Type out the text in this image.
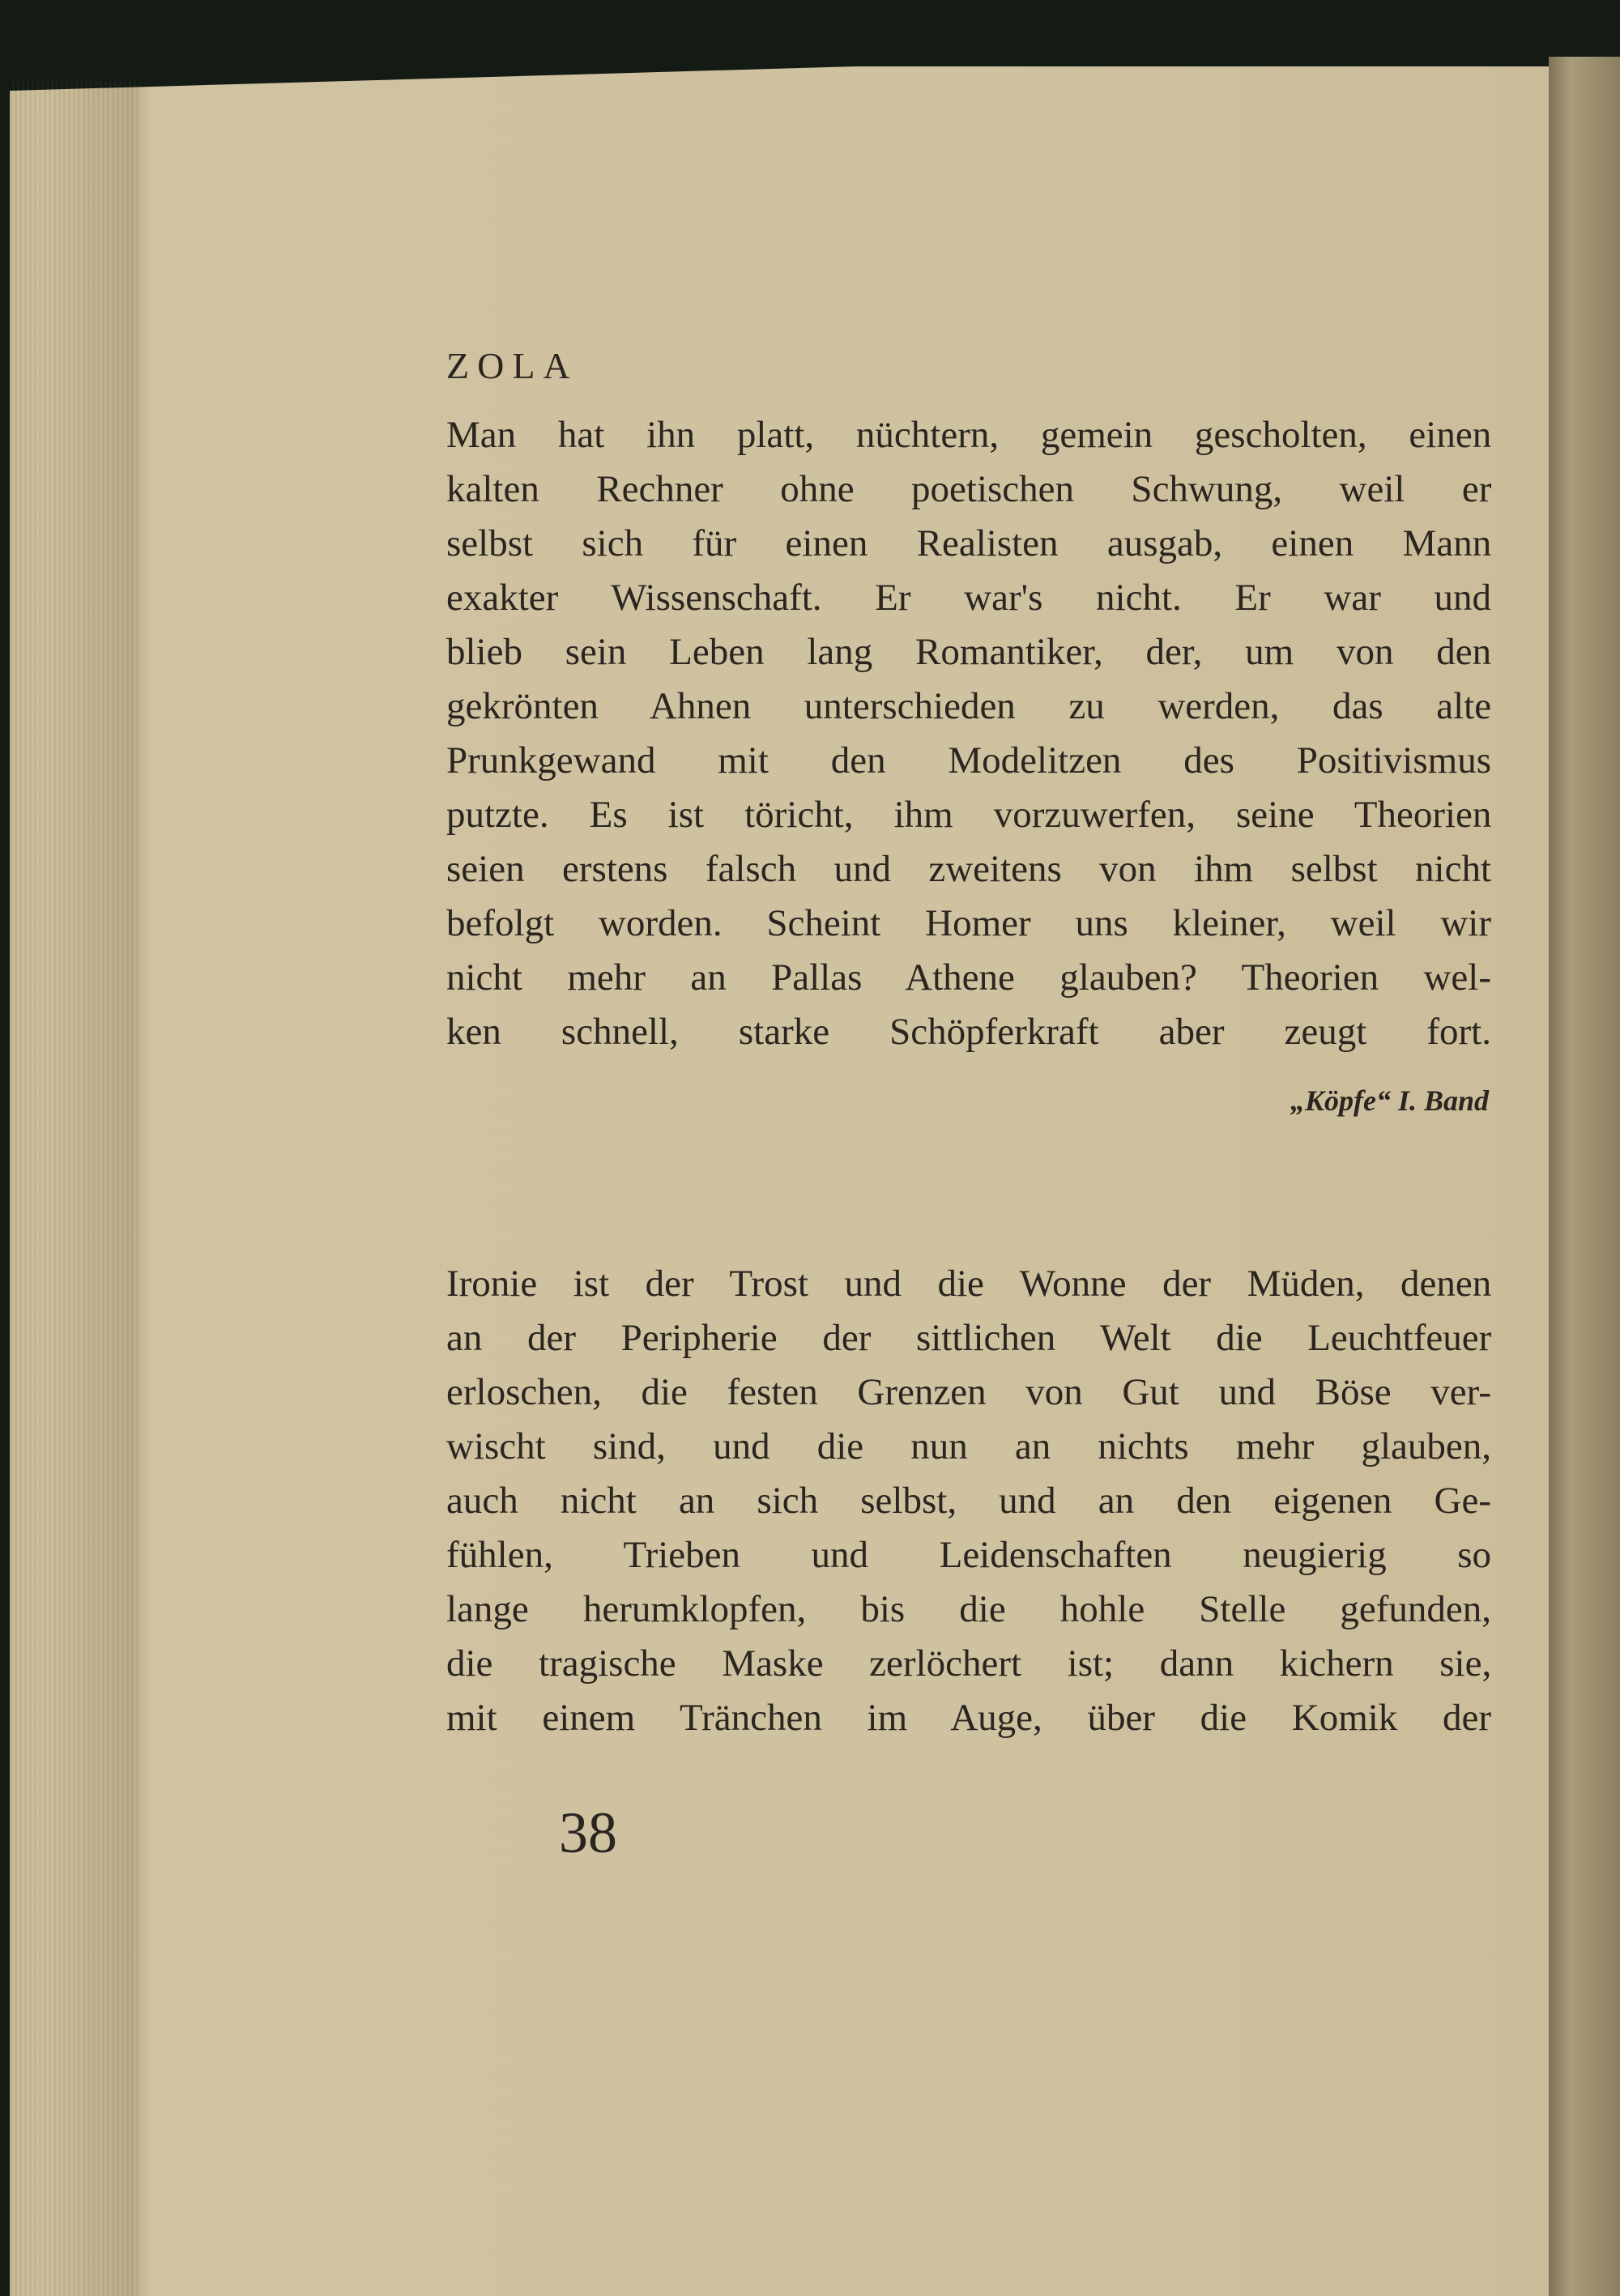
ZOLA
Man hat ihn platt, nüchtern, gemein gescholten, einen
kalten Rechner ohne poetischen Schwung, weil er
selbst sich für einen Realisten ausgab, einen Mann
exakter Wissenschaft. Er war's nicht. Er war und
blieb sein Leben lang Romantiker, der, um von den
gekrönten Ahnen unterschieden zu werden, das alte
Prunkgewand mit den Modelitzen des Positivismus
putzte. Es ist töricht, ihm vorzuwerfen, seine Theorien
seien erstens falsch und zweitens von ihm selbst nicht
befolgt worden. Scheint Homer uns kleiner, weil wir
nicht mehr an Pallas Athene glauben? Theorien wel-
ken schnell, starke Schöpferkraft aber zeugt fort.
„Köpfe“ I. Band
Ironie ist der Trost und die Wonne der Müden, denen
an der Peripherie der sittlichen Welt die Leuchtfeuer
erloschen, die festen Grenzen von Gut und Böse ver-
wischt sind, und die nun an nichts mehr glauben,
auch nicht an sich selbst, und an den eigenen Ge-
fühlen, Trieben und Leidenschaften neugierig so
lange herumklopfen, bis die hohle Stelle gefunden,
die tragische Maske zerlöchert ist; dann kichern sie,
mit einem Tränchen im Auge, über die Komik der
38
